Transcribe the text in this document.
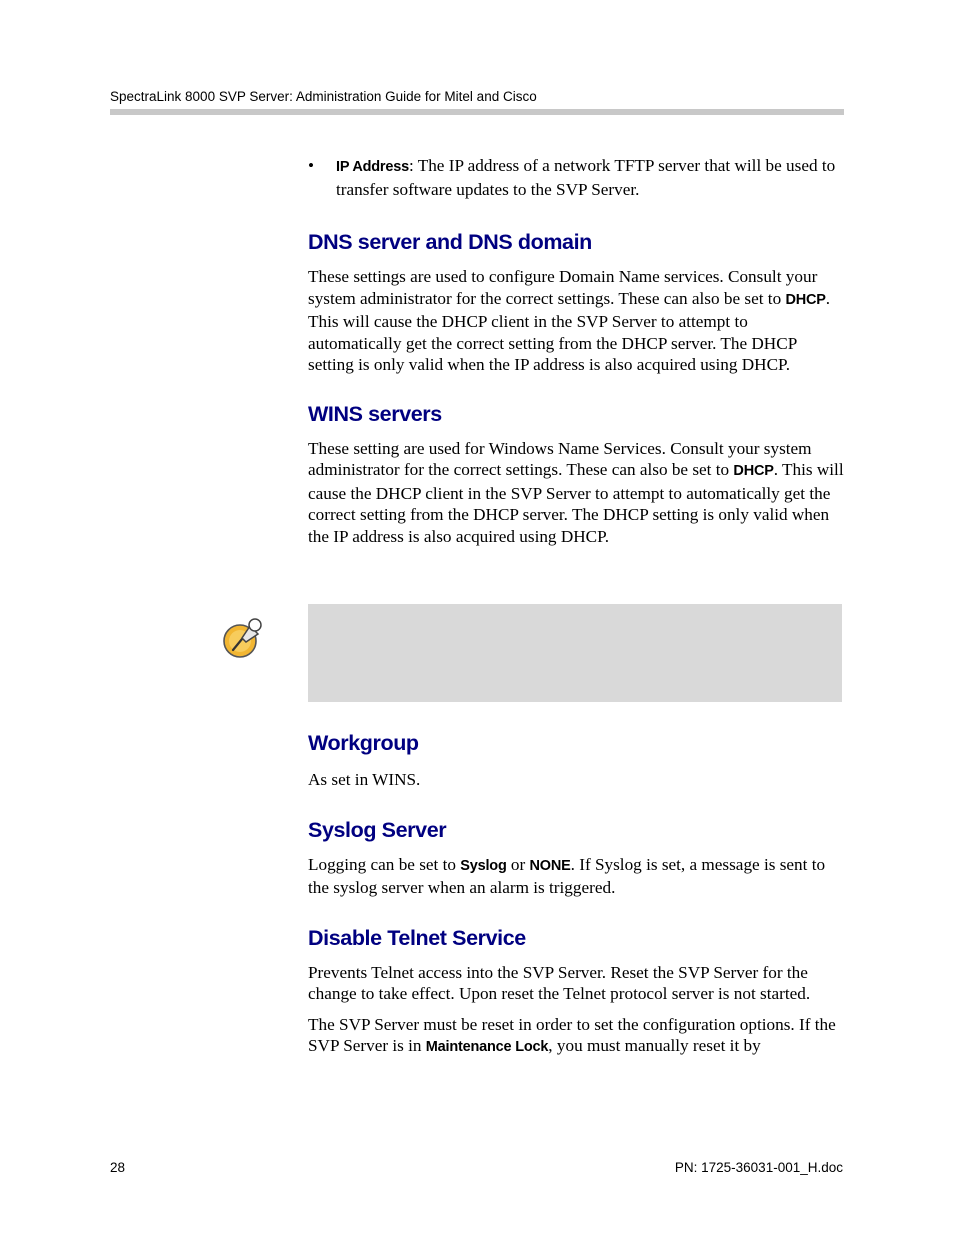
SpectraLink 8000 SVP Server: Administration Guide for Mitel and Cisco
• IP Address: The IP address of a network TFTP server that will be used to transfer software updates to the SVP Server.
DNS server and DNS domain

These settings are used to configure Domain Name services. Consult your system administrator for the correct settings. These can also be set to DHCP. This will cause the DHCP client in the SVP Server to attempt to automatically get the correct setting from the DHCP server. The DHCP setting is only valid when the IP address is also acquired using DHCP.

WINS servers

These setting are used for Windows Name Services. Consult your system administrator for the correct settings. These can also be set to DHCP. This will cause the DHCP client in the SVP Server to attempt to automatically get the correct setting from the DHCP server. The DHCP setting is only valid when the IP address is also acquired using DHCP.

Workgroup

As set in WINS.

Syslog Server

Logging can be set to Syslog or NONE. If Syslog is set, a message is sent to the syslog server when an alarm is triggered.

Disable Telnet Service

Prevents Telnet access into the SVP Server. Reset the SVP Server for the change to take effect. Upon reset the Telnet protocol server is not started.

The SVP Server must be reset in order to set the configuration options. If the SVP Server is in Maintenance Lock, you must manually reset it by

28	PN: 1725-36031-001_H.doc
